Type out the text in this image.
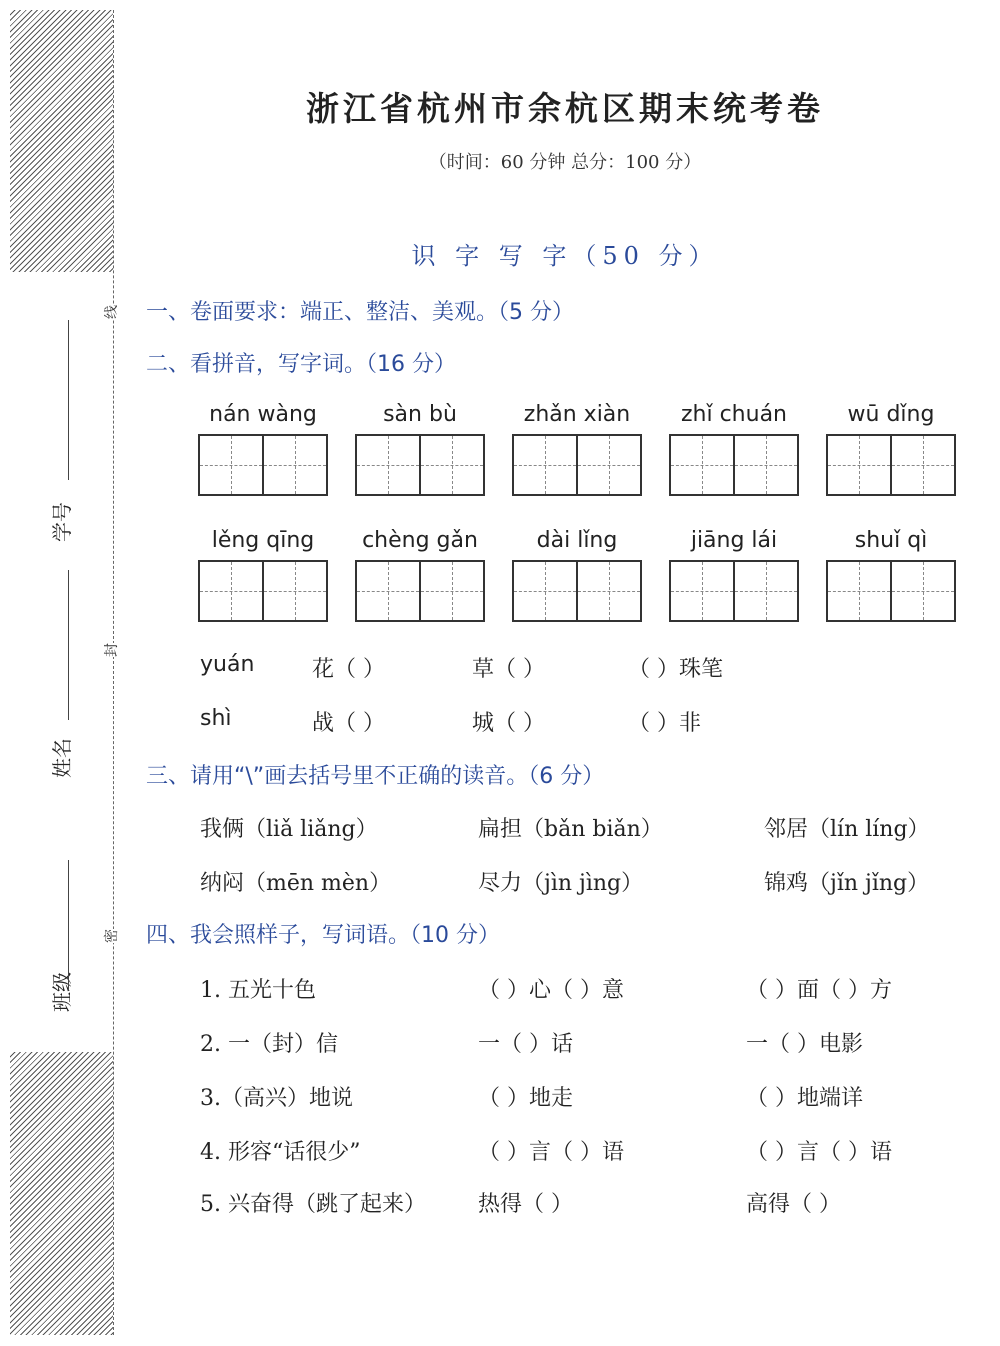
线
封
密
班级
姓名
学号
浙江省杭州市余杭区期末统考卷
（时间：60 分钟 总分：100 分）
识 字 写 字（50 分）
一、卷面要求：端正、整洁、美观。（5 分）
二、看拼音，写字词。（16 分）
nán wàng	sàn bù	zhǎn xiàn	zhǐ chuán	wū dǐng
lěng qīng	chèng gǎn	dài lǐng	jiāng lái	shuǐ qì
yuán	花（ ）	草（ ）	（ ）珠笔
shì	战（ ）	城（ ）	（ ）非
三、请用“\”画去括号里不正确的读音。（6 分）
我俩（liǎ liǎng）	扁担（bǎn biǎn）	邻居（lín líng）
纳闷（mēn mèn）	尽力（jìn jìng）	锦鸡（jǐn jǐng）
四、我会照样子，写词语。（10 分）
1. 五光十色	（ ）心（ ）意	（ ）面（ ）方
2. 一（封）信	一（ ）话	一（ ）电影
3.（高兴）地说	（ ）地走	（ ）地端详
4. 形容“话很少”	（ ）言（ ）语	（ ）言（ ）语
5. 兴奋得（跳了起来） 热得（ ）	高得（ ）
